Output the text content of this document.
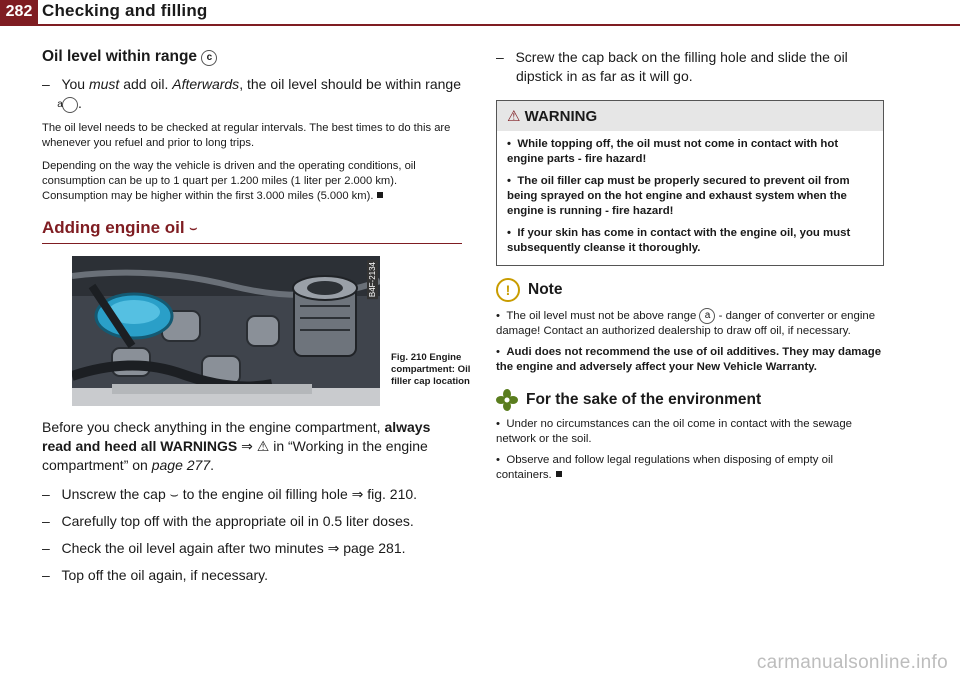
282 Checking and filling
Oil level within range c

–   You must add oil. Afterwards, the oil level should be within range a .

The oil level needs to be checked at regular intervals. The best times to do this are whenever you refuel and prior to long trips.

Depending on the way the vehicle is driven and the operating conditions, oil consumption can be up to 1 quart per 1.200 miles (1 liter per 2.000 km). Consumption may be higher within the first 3.000 miles (5.000 km).

Adding engine oil ⌣
B4F-2134
Fig. 210 Engine compartment: Oil filler cap location

Before you check anything in the engine compartment, always read and heed all WARNINGS ⇒ ⚠ in “Working in the engine compartment” on page 277.

–   Unscrew the cap ⌣ to the engine oil filling hole ⇒ fig. 210.

–   Carefully top off with the appropriate oil in 0.5 liter doses.

–   Check the oil level again after two minutes ⇒ page 281.

–   Top off the oil again, if necessary.

–   Screw the cap back on the filling hole and slide the oil dipstick in as far as it will go.

⚠ WARNING

•  While topping off, the oil must not come in contact with hot engine parts - fire hazard!

•  The oil filler cap must be properly secured to prevent oil from being sprayed on the hot engine and exhaust system when the engine is running - fire hazard!

•  If your skin has come in contact with the engine oil, you must subsequently cleanse it thoroughly.

!	Note

•  The oil level must not be above range a - danger of converter or engine damage! Contact an authorized dealership to draw off oil, if necessary.

•  Audi does not recommend the use of oil additives. They may damage the engine and adversely affect your New Vehicle Warranty.

For the sake of the environment

•  Under no circumstances can the oil come in contact with the sewage network or the soil.

•  Observe and follow legal regulations when disposing of empty oil containers.

carmanualsonline.info
